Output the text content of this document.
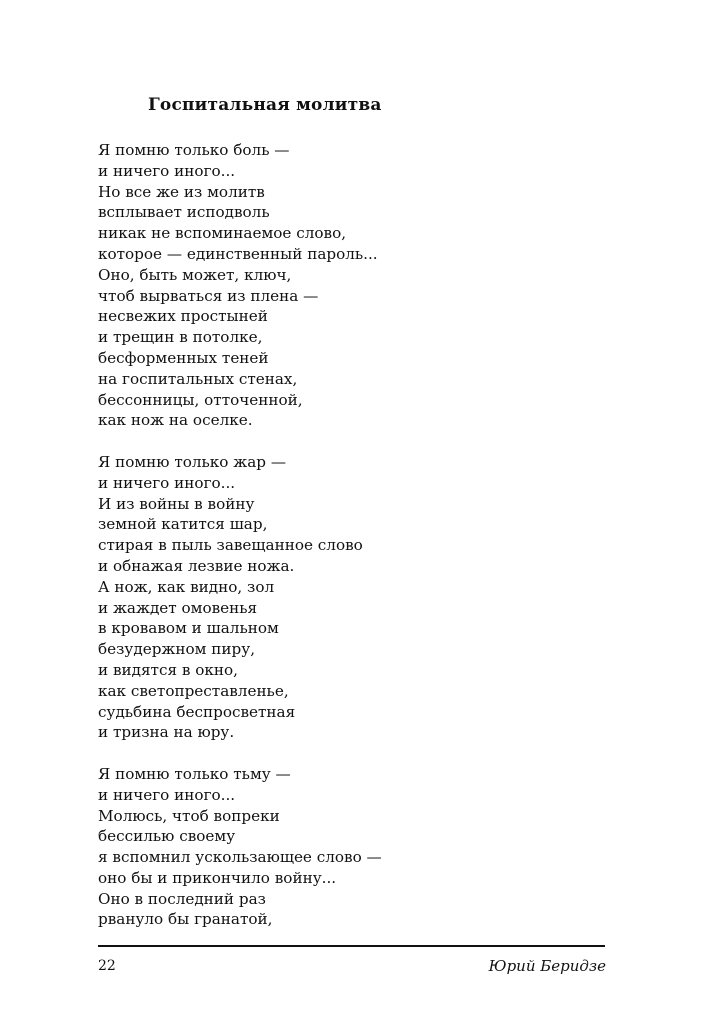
Госпитальная молитва
Я помню только боль —
и ничего иного...
Но все же из молитв
всплывает исподволь
никак не вспоминаемое слово,
которое — единственный пароль...
Оно, быть может, ключ,
чтоб вырваться из плена —
несвежих простыней
и трещин в потолке,
бесформенных теней
на госпитальных стенах,
бессонницы, отточенной,
как нож на оселке.
Я помню только жар —
и ничего иного...
И из войны в войну
земной катится шар,
стирая в пыль завещанное слово
и обнажая лезвие ножа.
А нож, как видно, зол
и жаждет омовенья
в кровавом и шальном
безудержном пиру,
и видятся в окно,
как светопреставленье,
судьбина беспросветная
и тризна на юру.
Я помню только тьму —
и ничего иного...
Молюсь, чтоб вопреки
бессилью своему
я вспомнил ускользающее слово —
оно бы и прикончило войну...
Оно в последний раз
рвануло бы гранатой,
22	Юрий Беридзе
